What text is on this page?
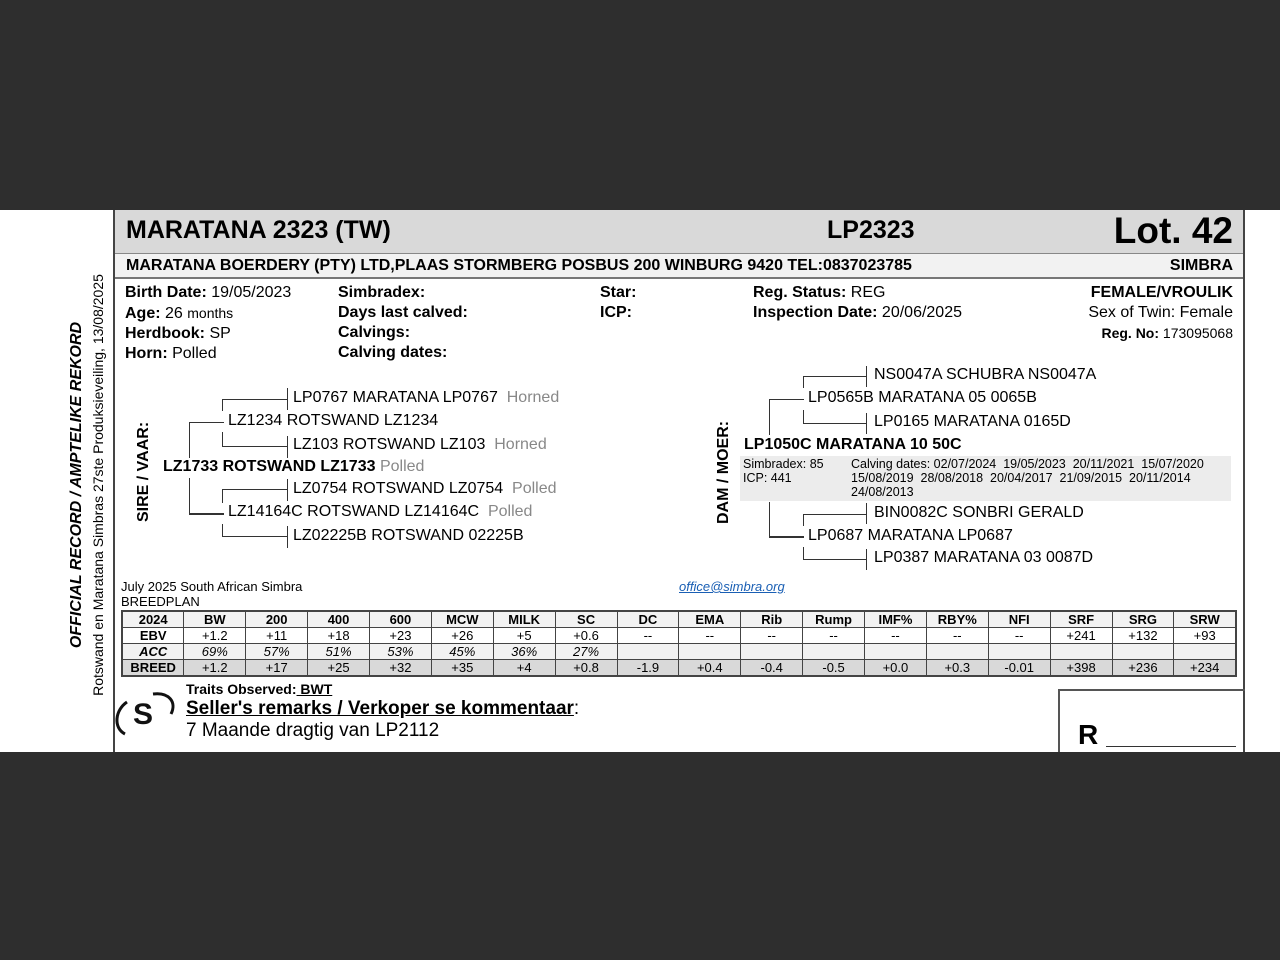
OFFICIAL RECORD / AMPTELIKE REKORD Rotswand en Maratana Simbras 27ste Produksieveiling, 13/08/2025
MARATANA 2323 (TW)	LP2323	Lot. 42
MARATANA BOERDERY (PTY) LTD,PLAAS STORMBERG POSBUS 200 WINBURG 9420 TEL:0837023785	SIMBRA
Birth Date: 19/05/2023
Age: 26 months
Herdbook: SP
Horn: Polled
Simbradex:
Days last calved:
Calvings:
Calving dates:
Star:
ICP:
Reg. Status: REG
Inspection Date: 20/06/2025
FEMALE/VROULIK
Sex of Twin: Female
Reg. No: 173095068
SIRE / VAAR:
LP0767 MARATANA LP0767 Horned
LZ1234 ROTSWAND LZ1234
LZ103 ROTSWAND LZ103 Horned
LZ1733 ROTSWAND LZ1733 Polled
LZ0754 ROTSWAND LZ0754 Polled
LZ14164C ROTSWAND LZ14164C Polled
LZ02225B ROTSWAND 02225B
DAM / MOER:
NS0047A SCHUBRA NS0047A
LP0565B MARATANA 05 0065B
LP0165 MARATANA 0165D
LP1050C MARATANA 10 50C
Simbradex: 85
ICP: 441
Calving dates: 02/07/2024  19/05/2023  20/11/2021  15/07/2020
15/08/2019  28/08/2018  20/04/2017  21/09/2015  20/11/2014
24/08/2013
BIN0082C SONBRI GERALD
LP0687 MARATANA LP0687
LP0387 MARATANA 03 0087D
July 2025 South African Simbra
BREEDPLAN
office@simbra.org
2024	BW	200	400	600	MCW	MILK	SC	DC	EMA	Rib	Rump	IMF%	RBY%	NFI	SRF	SRG	SRW
EBV	+1.2	+11	+18	+23	+26	+5	+0.6	--	--	--	--	--	--	--	+241	+132	+93
ACC	69%	57%	51%	53%	45%	36%	27%										
BREED	+1.2	+17	+25	+32	+35	+4	+0.8	-1.9	+0.4	-0.4	-0.5	+0.0	+0.3	-0.01	+398	+236	+234
S
Traits Observed: BWT
Seller's remarks / Verkoper se kommentaar:
7 Maande dragtig van LP2112	R
